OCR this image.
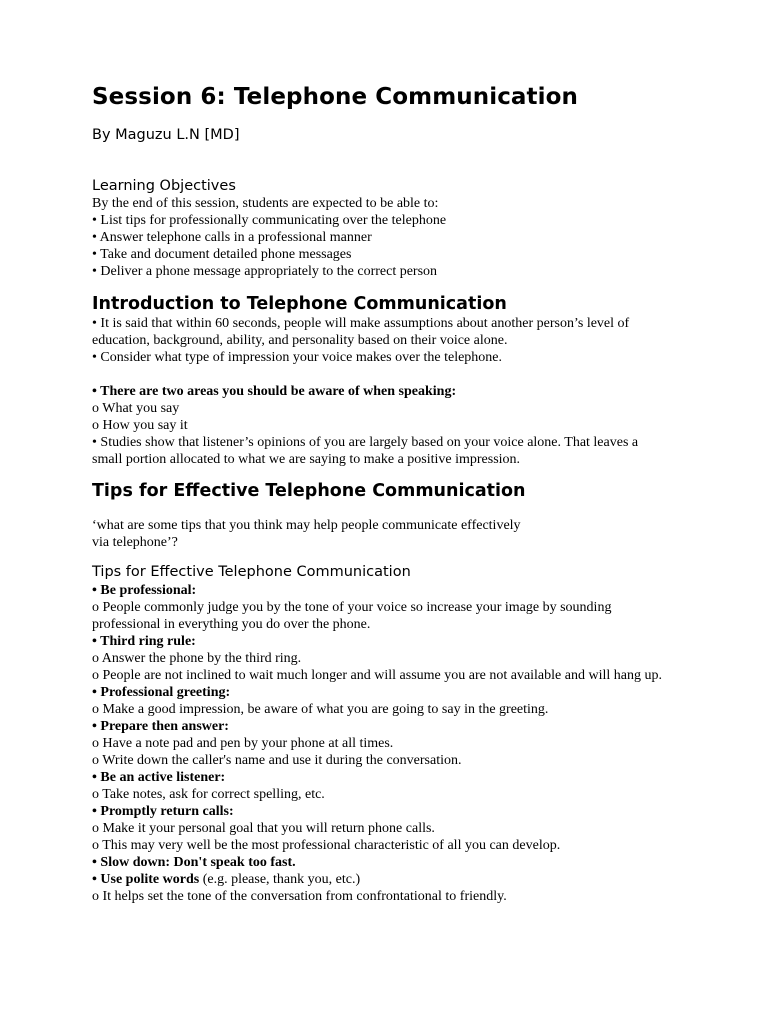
Session 6: Telephone Communication
By Maguzu L.N [MD]
Learning Objectives
By the end of this session, students are expected to be able to:
• List tips for professionally communicating over the telephone
• Answer telephone calls in a professional manner
• Take and document detailed phone messages
• Deliver a phone message appropriately to the correct person
Introduction to Telephone Communication
• It is said that within 60 seconds, people will make assumptions about another person’s level of education, background, ability, and personality based on their voice alone.
• Consider what type of impression your voice makes over the telephone.
• There are two areas you should be aware of when speaking:
o What you say
o How you say it
• Studies show that listener’s opinions of you are largely based on your voice alone. That leaves a small portion allocated to what we are saying to make a positive impression.
Tips for Effective Telephone Communication
‘what are some tips that you think may help people communicate effectively
via telephone’?
Tips for Effective Telephone Communication
• Be professional:
o People commonly judge you by the tone of your voice so increase your image by sounding professional in everything you do over the phone.
• Third ring rule:
o Answer the phone by the third ring.
o People are not inclined to wait much longer and will assume you are not available and will hang up.
• Professional greeting:
o Make a good impression, be aware of what you are going to say in the greeting.
• Prepare then answer:
o Have a note pad and pen by your phone at all times.
o Write down the caller's name and use it during the conversation.
• Be an active listener:
o Take notes, ask for correct spelling, etc.
• Promptly return calls:
o Make it your personal goal that you will return phone calls.
o This may very well be the most professional characteristic of all you can develop.
• Slow down: Don't speak too fast.
• Use polite words (e.g. please, thank you, etc.)
o It helps set the tone of the conversation from confrontational to friendly.
